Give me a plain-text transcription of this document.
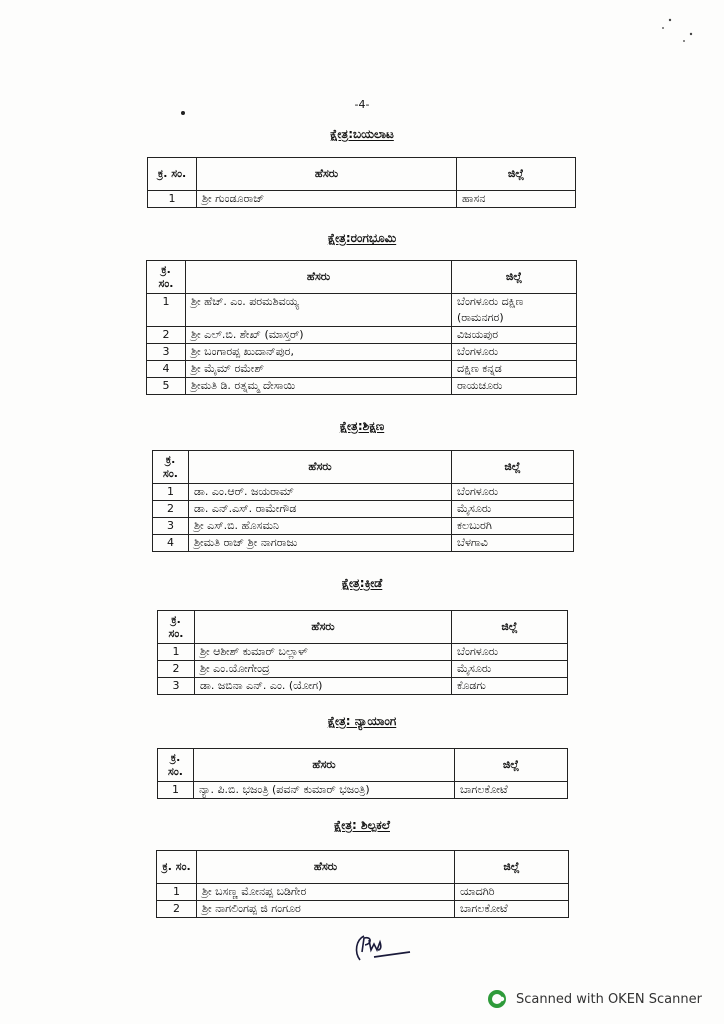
-4-
ಕ್ಷೇತ್ರ:ಬಯಲಾಟ
ಕ್ರ. ಸಂ.	ಹೆಸರು	ಜಿಲ್ಲೆ
1	ಶ್ರೀ ಗುಂಡೂರಾಜ್	ಹಾಸನ
ಕ್ಷೇತ್ರ:ರಂಗಭೂಮಿ
ಕ್ರ. ಸಂ.	ಹೆಸರು	ಜಿಲ್ಲೆ
1	ಶ್ರೀ ಹೆಚ್. ಎಂ. ಪರಮಶಿವಯ್ಯ	ಬೆಂಗಳೂರು ದಕ್ಷಿಣ (ರಾಮನಗರ)
2	ಶ್ರೀ ಎಲ್.ಬಿ. ಶೇಖ್ (ಮಾಸ್ತರ್)	ವಿಜಯಪುರ
3	ಶ್ರೀ ಬಂಗಾರಪ್ಪ ಖುದಾನ್‌ಪುರ,	ಬೆಂಗಳೂರು
4	ಶ್ರೀ ಮೈಮ್ ರಮೇಶ್	ದಕ್ಷಿಣ ಕನ್ನಡ
5	ಶ್ರೀಮತಿ ಡಿ. ರತ್ನಮ್ಮ ದೇಸಾಯಿ	ರಾಯಚೂರು
ಕ್ಷೇತ್ರ:ಶಿಕ್ಷಣ
ಕ್ರ. ಸಂ.	ಹೆಸರು	ಜಿಲ್ಲೆ
1	ಡಾ. ಎಂ.ಆರ್. ಜಯರಾಮ್	ಬೆಂಗಳೂರು
2	ಡಾ. ಎನ್.ಎಸ್. ರಾಮೇಗೌಡ	ಮೈಸೂರು
3	ಶ್ರೀ ಎಸ್.ಬಿ. ಹೊಸಮನಿ	ಕಲಬುರಗಿ
4	ಶ್ರೀಮತಿ ರಾಜ್ ಶ್ರೀ ನಾಗರಾಜು	ಬೆಳಗಾವಿ
ಕ್ಷೇತ್ರ:ಕ್ರೀಡೆ
ಕ್ರ. ಸಂ.	ಹೆಸರು	ಜಿಲ್ಲೆ
1	ಶ್ರೀ ಆಶೀಶ್ ಕುಮಾರ್ ಬಲ್ಲಾಳ್	ಬೆಂಗಳೂರು
2	ಶ್ರೀ ಎಂ.ಯೋಗೇಂದ್ರ	ಮೈಸೂರು
3	ಡಾ. ಜಬಿನಾ ಎನ್. ಎಂ. (ಯೋಗ)	ಕೊಡಗು
ಕ್ಷೇತ್ರ: ನ್ಯಾಯಾಂಗ
ಕ್ರ. ಸಂ.	ಹೆಸರು	ಜಿಲ್ಲೆ
1	ನ್ಯಾ. ಪಿ.ಬಿ. ಭಜಂತ್ರಿ (ಪವನ್ ಕುಮಾರ್ ಭಜಂತ್ರಿ)	ಬಾಗಲಕೋಟೆ
ಕ್ಷೇತ್ರ: ಶಿಲ್ಪಕಲೆ
ಕ್ರ. ಸಂ.	ಹೆಸರು	ಜಿಲ್ಲೆ
1	ಶ್ರೀ ಬಸಣ್ಣ ಮೋನಪ್ಪ ಬಡಿಗೇರ	ಯಾದಗಿರಿ
2	ಶ್ರೀ ನಾಗಲಿಂಗಪ್ಪ ಜಿ ಗಂಗೂರ	ಬಾಗಲಕೋಟೆ
Scanned with OKEN Scanner
